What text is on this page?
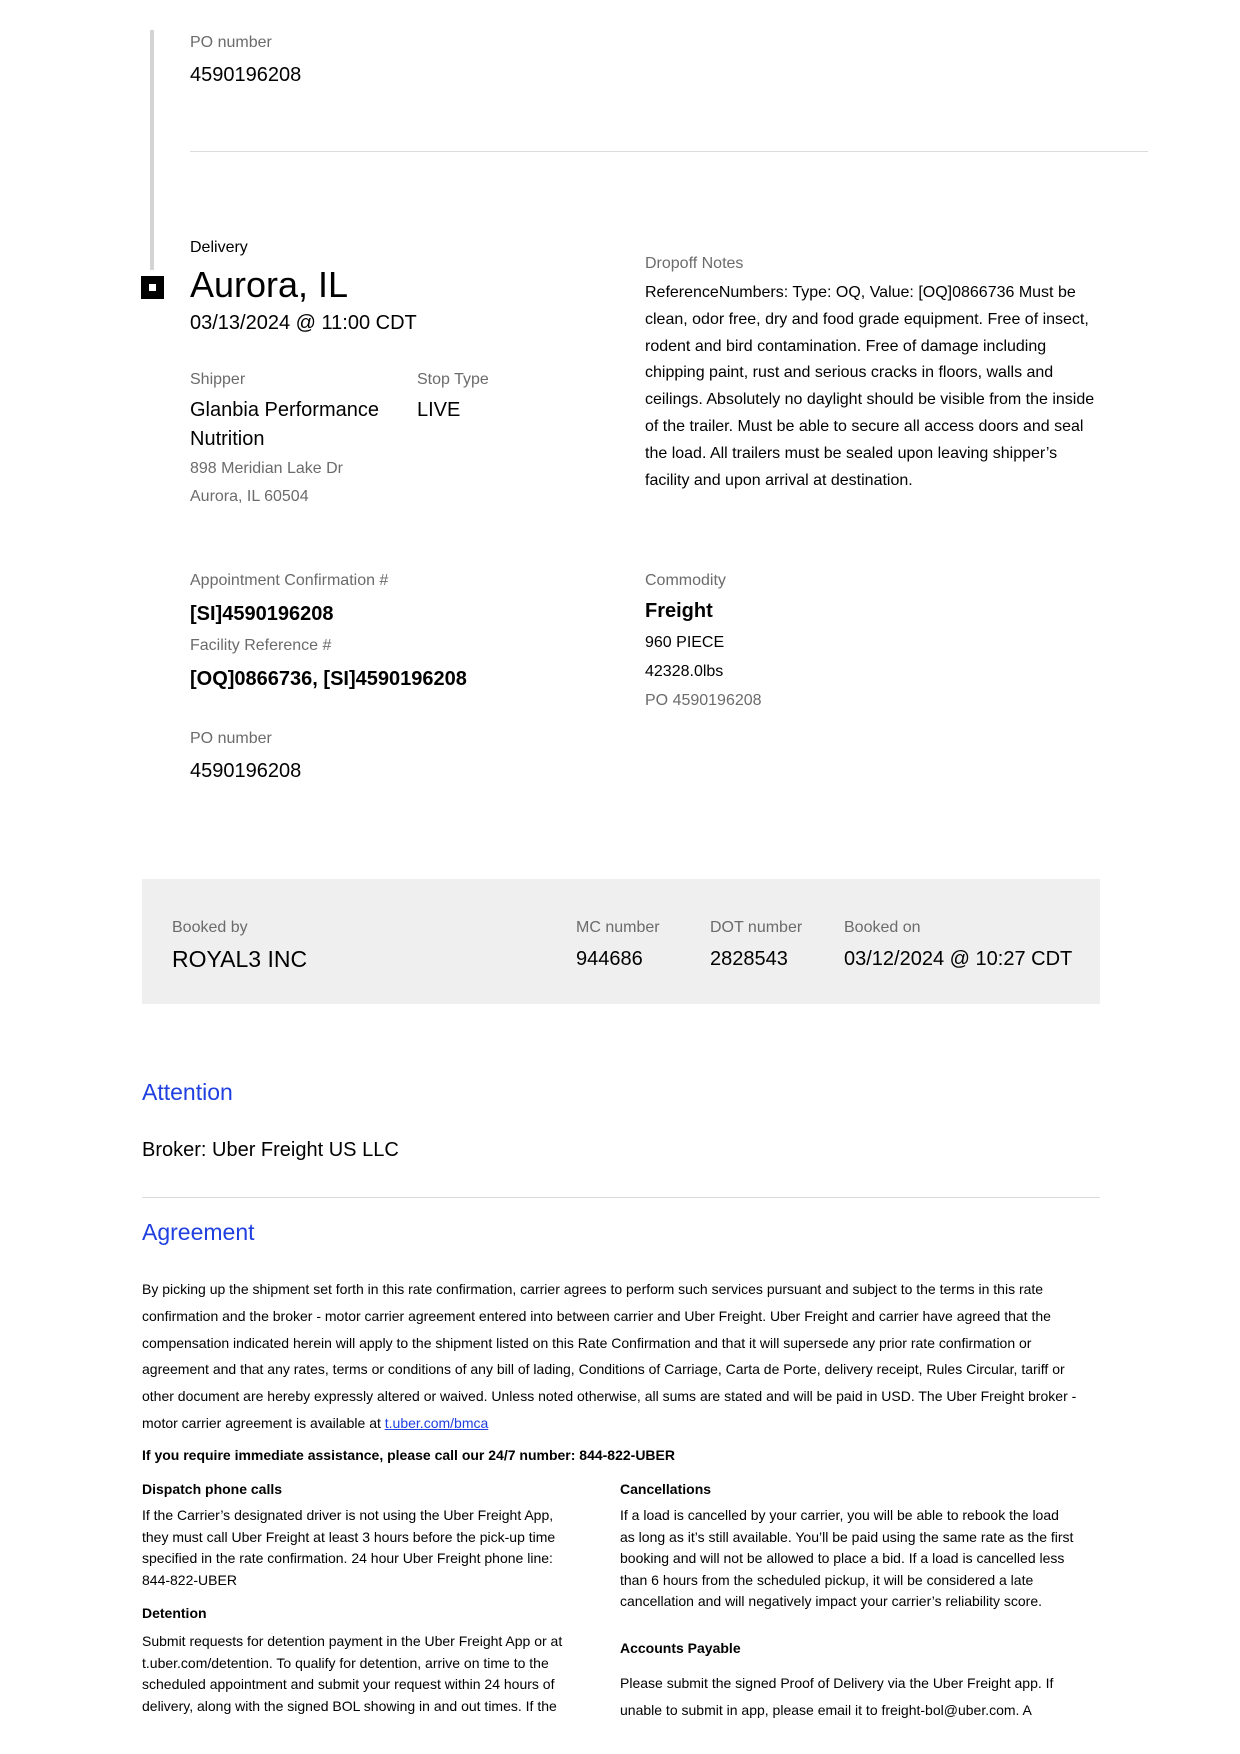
PO number
4590196208
Delivery
Aurora, IL
03/13/2024 @ 11:00 CDT
Shipper
Glanbia Performance
Nutrition
898 Meridian Lake Dr
Aurora, IL 60504
Stop Type
LIVE
Dropoff Notes
ReferenceNumbers: Type: OQ, Value: [OQ]0866736 Must be clean, odor free, dry and food grade equipment. Free of insect, rodent and bird contamination. Free of damage including chipping paint, rust and serious cracks in floors, walls and ceilings. Absolutely no daylight should be visible from the inside of the trailer. Must be able to secure all access doors and seal the load. All trailers must be sealed upon leaving shipper’s facility and upon arrival at destination.
Appointment Confirmation #
[SI]4590196208
Facility Reference #
[OQ]0866736, [SI]4590196208
PO number
4590196208
Commodity
Freight
960 PIECE
42328.0lbs
PO 4590196208
Booked by
ROYAL3 INC
MC number
944686
DOT number
2828543
Booked on
03/12/2024 @ 10:27 CDT
Attention
Broker: Uber Freight US LLC
Agreement
By picking up the shipment set forth in this rate confirmation, carrier agrees to perform such services pursuant and subject to the terms in this rate confirmation and the broker - motor carrier agreement entered into between carrier and Uber Freight. Uber Freight and carrier have agreed that the compensation indicated herein will apply to the shipment listed on this Rate Confirmation and that it will supersede any prior rate confirmation or agreement and that any rates, terms or conditions of any bill of lading, Conditions of Carriage, Carta de Porte, delivery receipt, Rules Circular, tariff or other document are hereby expressly altered or waived. Unless noted otherwise, all sums are stated and will be paid in USD. The Uber Freight broker - motor carrier agreement is available at t.uber.com/bmca
If you require immediate assistance, please call our 24/7 number: 844-822-UBER
Dispatch phone calls
If the Carrier’s designated driver is not using the Uber Freight App, they must call Uber Freight at least 3 hours before the pick-up time specified in the rate confirmation. 24 hour Uber Freight phone line: 844-822-UBER
Detention
Submit requests for detention payment in the Uber Freight App or at t.uber.com/detention. To qualify for detention, arrive on time to the scheduled appointment and submit your request within 24 hours of delivery, along with the signed BOL showing in and out times. If the
Cancellations
If a load is cancelled by your carrier, you will be able to rebook the load as long as it’s still available. You’ll be paid using the same rate as the first booking and will not be allowed to place a bid. If a load is cancelled less than 6 hours from the scheduled pickup, it will be considered a late cancellation and will negatively impact your carrier’s reliability score.
Accounts Payable
Please submit the signed Proof of Delivery via the Uber Freight app. If unable to submit in app, please email it to freight-bol@uber.com. A
